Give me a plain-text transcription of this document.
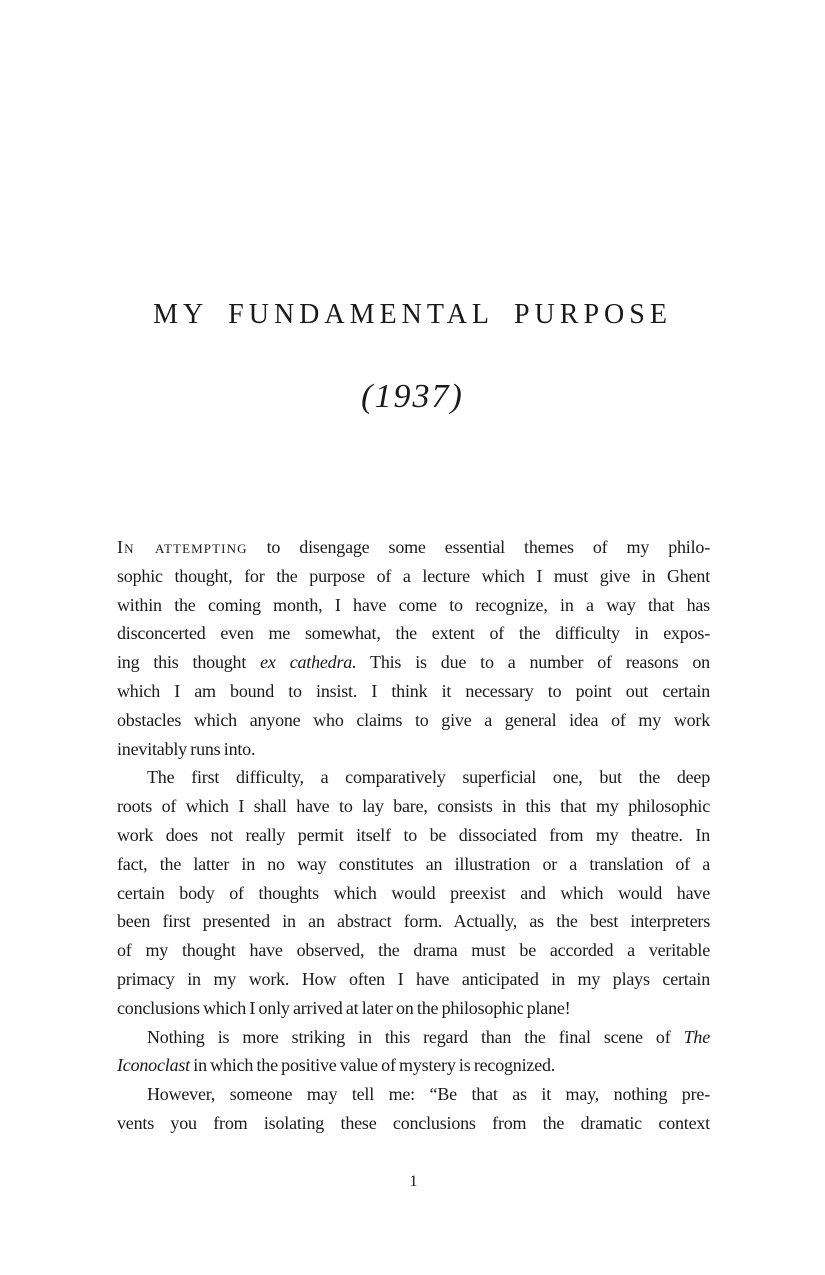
MY FUNDAMENTAL PURPOSE
(1937)
In attempting to disengage some essential themes of my philo-
sophic thought, for the purpose of a lecture which I must give in Ghent
within the coming month, I have come to recognize, in a way that has
disconcerted even me somewhat, the extent of the difficulty in expos-
ing this thought ex cathedra. This is due to a number of reasons on
which I am bound to insist. I think it necessary to point out certain
obstacles which anyone who claims to give a general idea of my work
inevitably runs into.
The first difficulty, a comparatively superficial one, but the deep
roots of which I shall have to lay bare, consists in this that my philosophic
work does not really permit itself to be dissociated from my theatre. In
fact, the latter in no way constitutes an illustration or a translation of a
certain body of thoughts which would preexist and which would have
been first presented in an abstract form. Actually, as the best interpreters
of my thought have observed, the drama must be accorded a veritable
primacy in my work. How often I have anticipated in my plays certain
conclusions which I only arrived at later on the philosophic plane!
Nothing is more striking in this regard than the final scene of The
Iconoclast in which the positive value of mystery is recognized.
However, someone may tell me: “Be that as it may, nothing pre-
vents you from isolating these conclusions from the dramatic context
1
